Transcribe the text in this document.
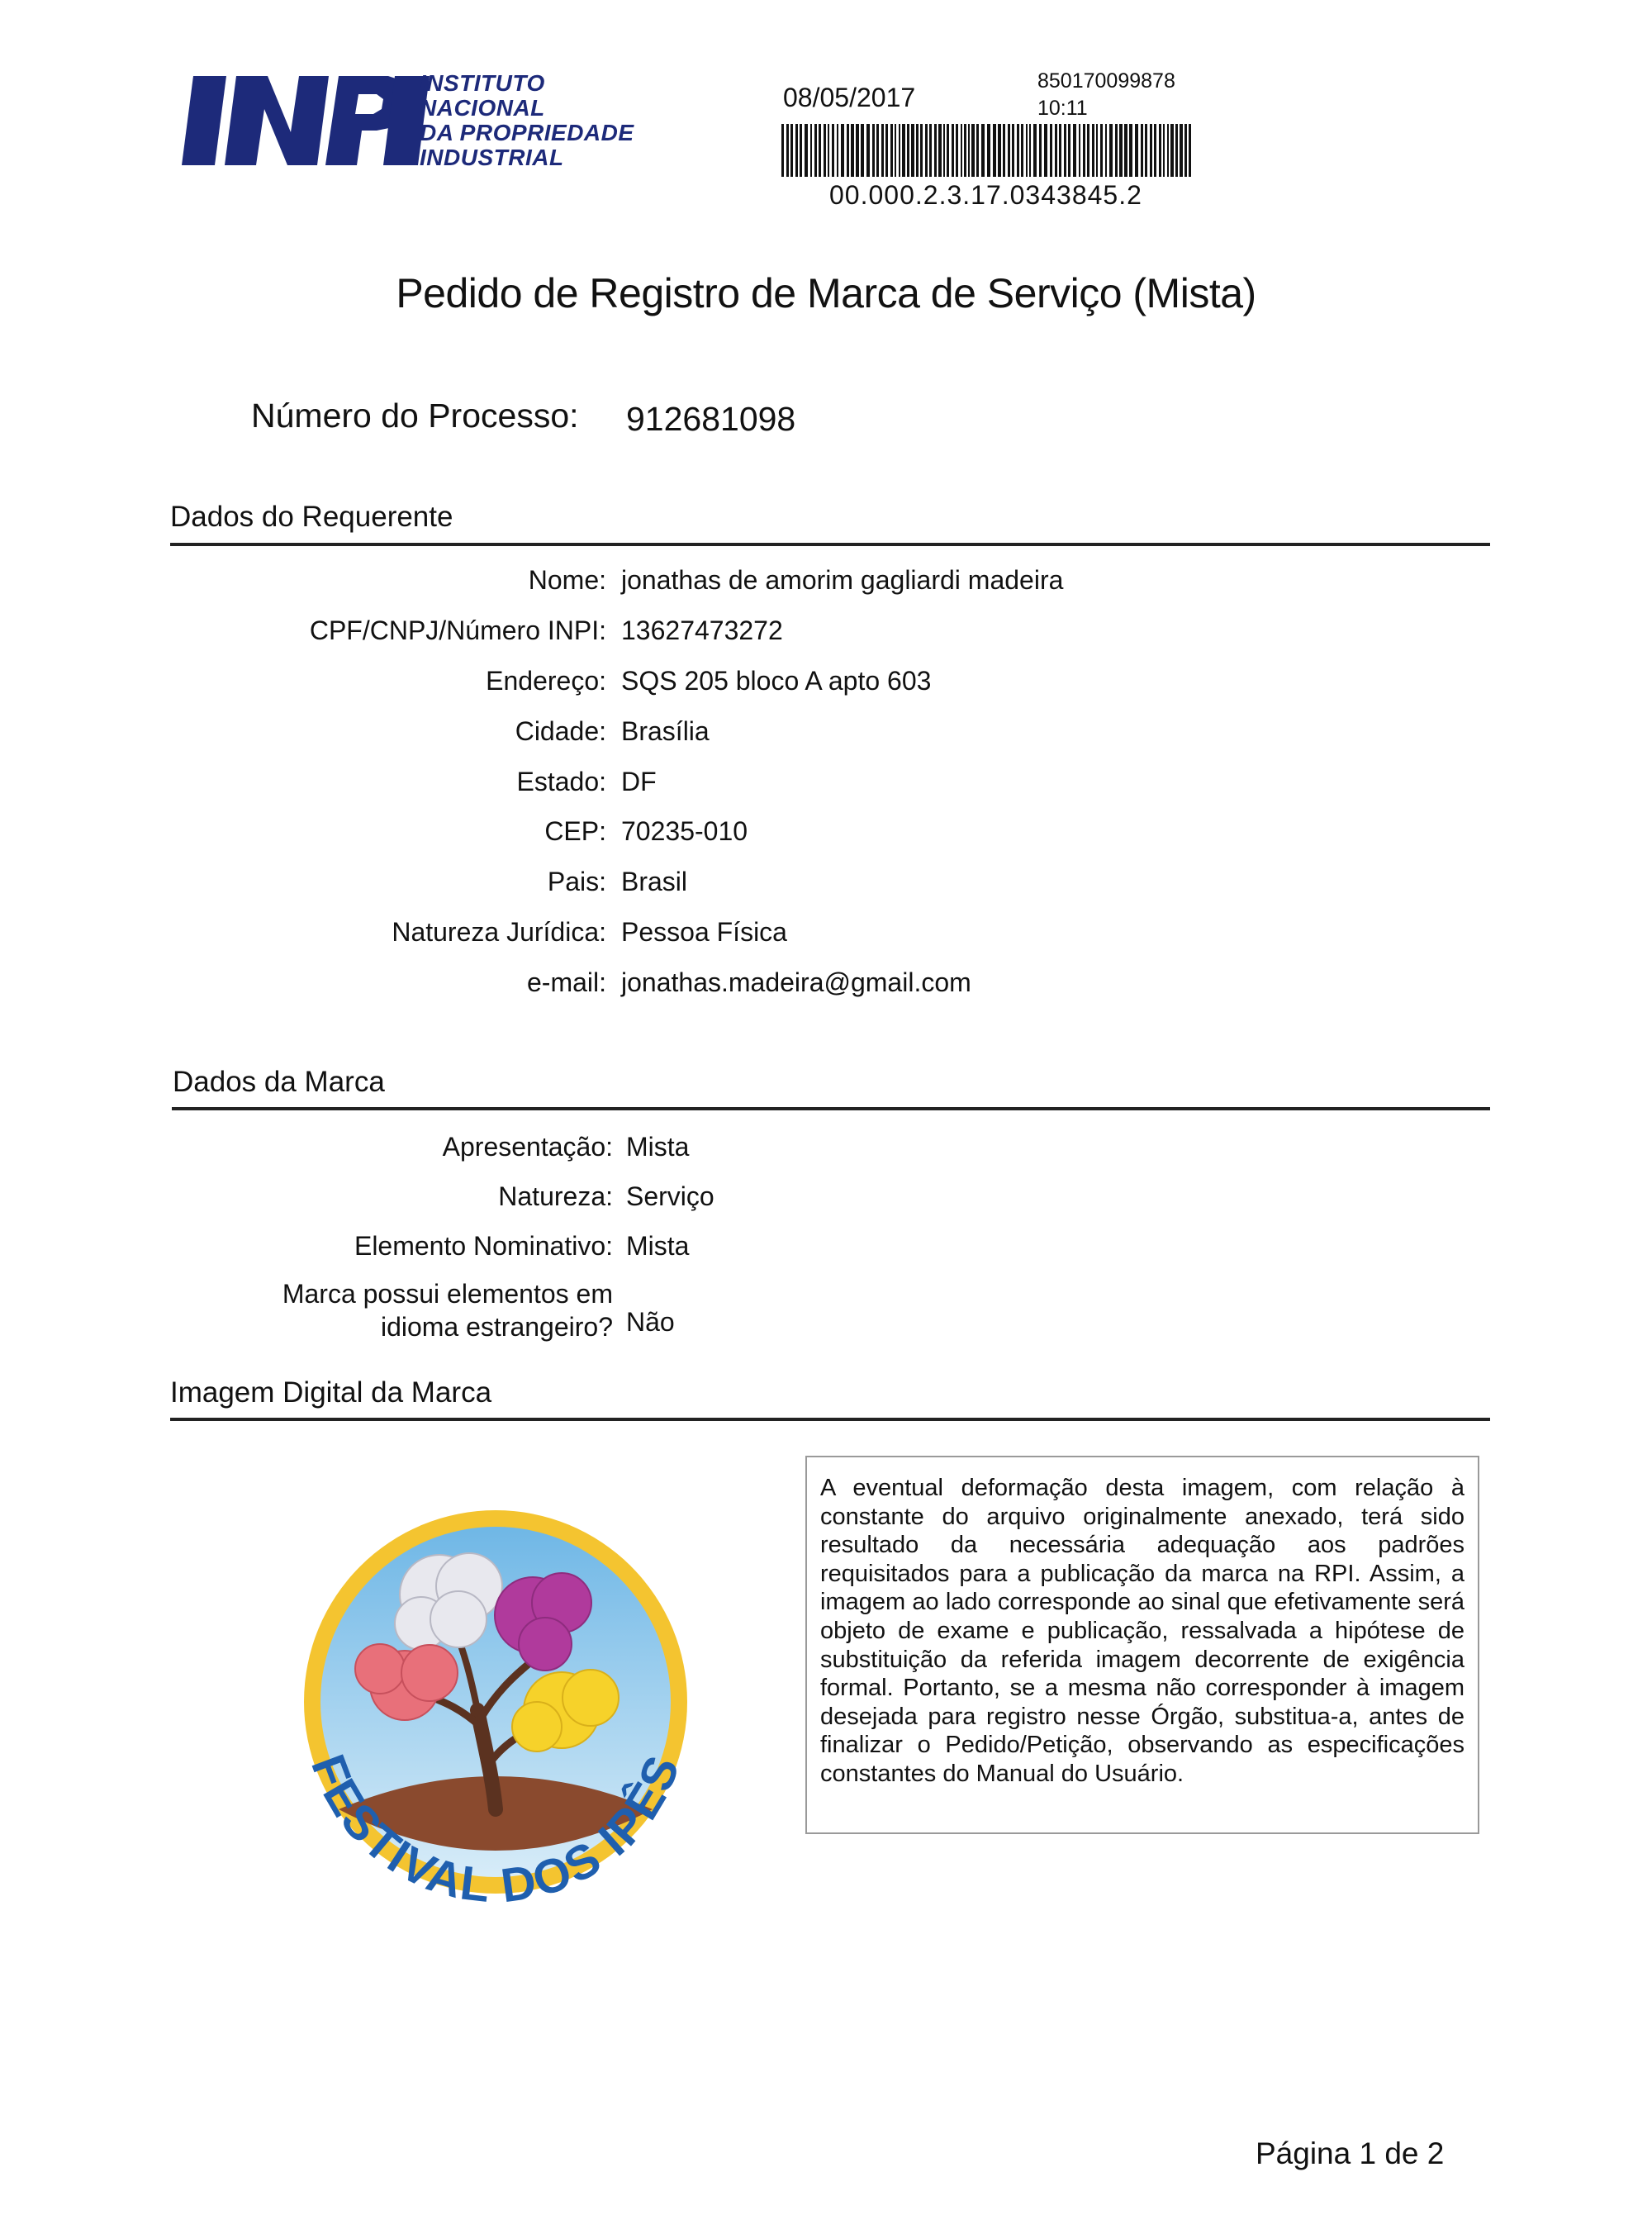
INSTITUTO
NACIONAL
DA PROPRIEDADE
INDUSTRIAL
08/05/2017
850170099878
10:11
00.000.2.3.17.0343845.2
Pedido de Registro de Marca de Serviço (Mista)
Número do Processo: 912681098
Dados do Requerente
Nome: jonathas de amorim gagliardi madeira
CPF/CNPJ/Número INPI: 13627473272
Endereço: SQS 205 bloco A apto 603
Cidade: Brasília
Estado: DF
CEP: 70235-010
Pais: Brasil
Natureza Jurídica: Pessoa Física
e-mail: jonathas.madeira@gmail.com
Dados da Marca
Apresentação: Mista
Natureza: Serviço
Elemento Nominativo: Mista
Marca possui elementos em
idioma estrangeiro? Não
Imagem Digital da Marca
FESTIVAL DOS IPÊS
A eventual deformação desta imagem, com relação à constante do arquivo originalmente anexado, terá sido resultado da necessária adequação aos padrões requisitados para a publicação da marca na RPI. Assim, a imagem ao lado corresponde ao sinal que efetivamente será objeto de exame e publicação, ressalvada a hipótese de substituição da referida imagem decorrente de exigência formal. Portanto, se a mesma não corresponder à imagem desejada para registro nesse Órgão, substitua-a, antes de finalizar o Pedido/Petição, observando as especificações constantes do Manual do Usuário.
Página 1 de 2
